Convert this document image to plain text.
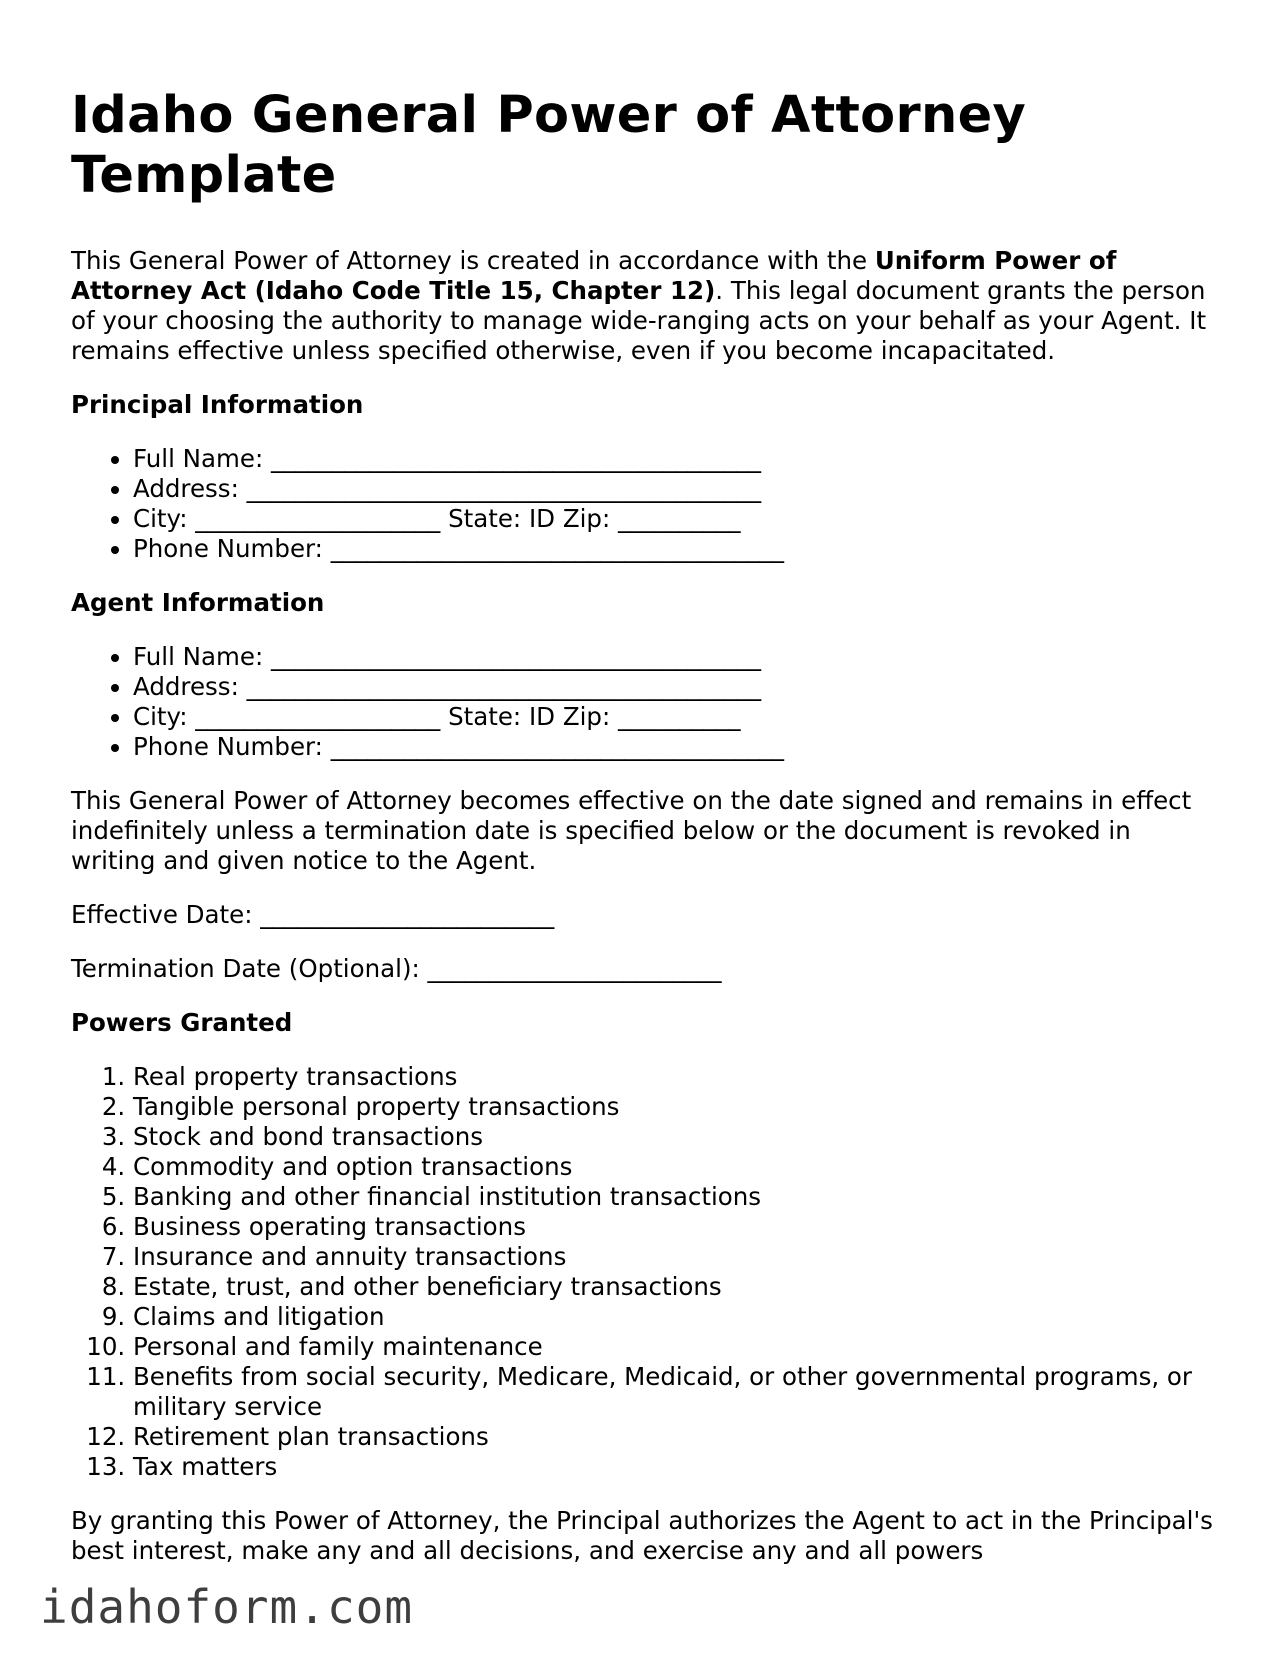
Idaho General Power of Attorney Template

This General Power of Attorney is created in accordance with the Uniform Power of Attorney Act (Idaho Code Title 15, Chapter 12). This legal document grants the person of your choosing the authority to manage wide-ranging acts on your behalf as your Agent. It remains effective unless specified otherwise, even if you become incapacitated.

Principal Information
• Full Name: ________________________________________
• Address: __________________________________________
• City: ____________________ State: ID Zip: __________
• Phone Number: _____________________________________
Agent Information
• Full Name: ________________________________________
• Address: __________________________________________
• City: ____________________ State: ID Zip: __________
• Phone Number: _____________________________________

This General Power of Attorney becomes effective on the date signed and remains in effect indefinitely unless a termination date is specified below or the document is revoked in writing and given notice to the Agent.

Effective Date: ________________________

Termination Date (Optional): ________________________

Powers Granted
1. Real property transactions
2. Tangible personal property transactions
3. Stock and bond transactions
4. Commodity and option transactions
5. Banking and other financial institution transactions
6. Business operating transactions
7. Insurance and annuity transactions
8. Estate, trust, and other beneficiary transactions
9. Claims and litigation
10. Personal and family maintenance
11. Benefits from social security, Medicare, Medicaid, or other governmental programs, or military service
12. Retirement plan transactions
13. Tax matters

By granting this Power of Attorney, the Principal authorizes the Agent to act in the Principal's best interest, make any and all decisions, and exercise any and all powers

idahoform.com
